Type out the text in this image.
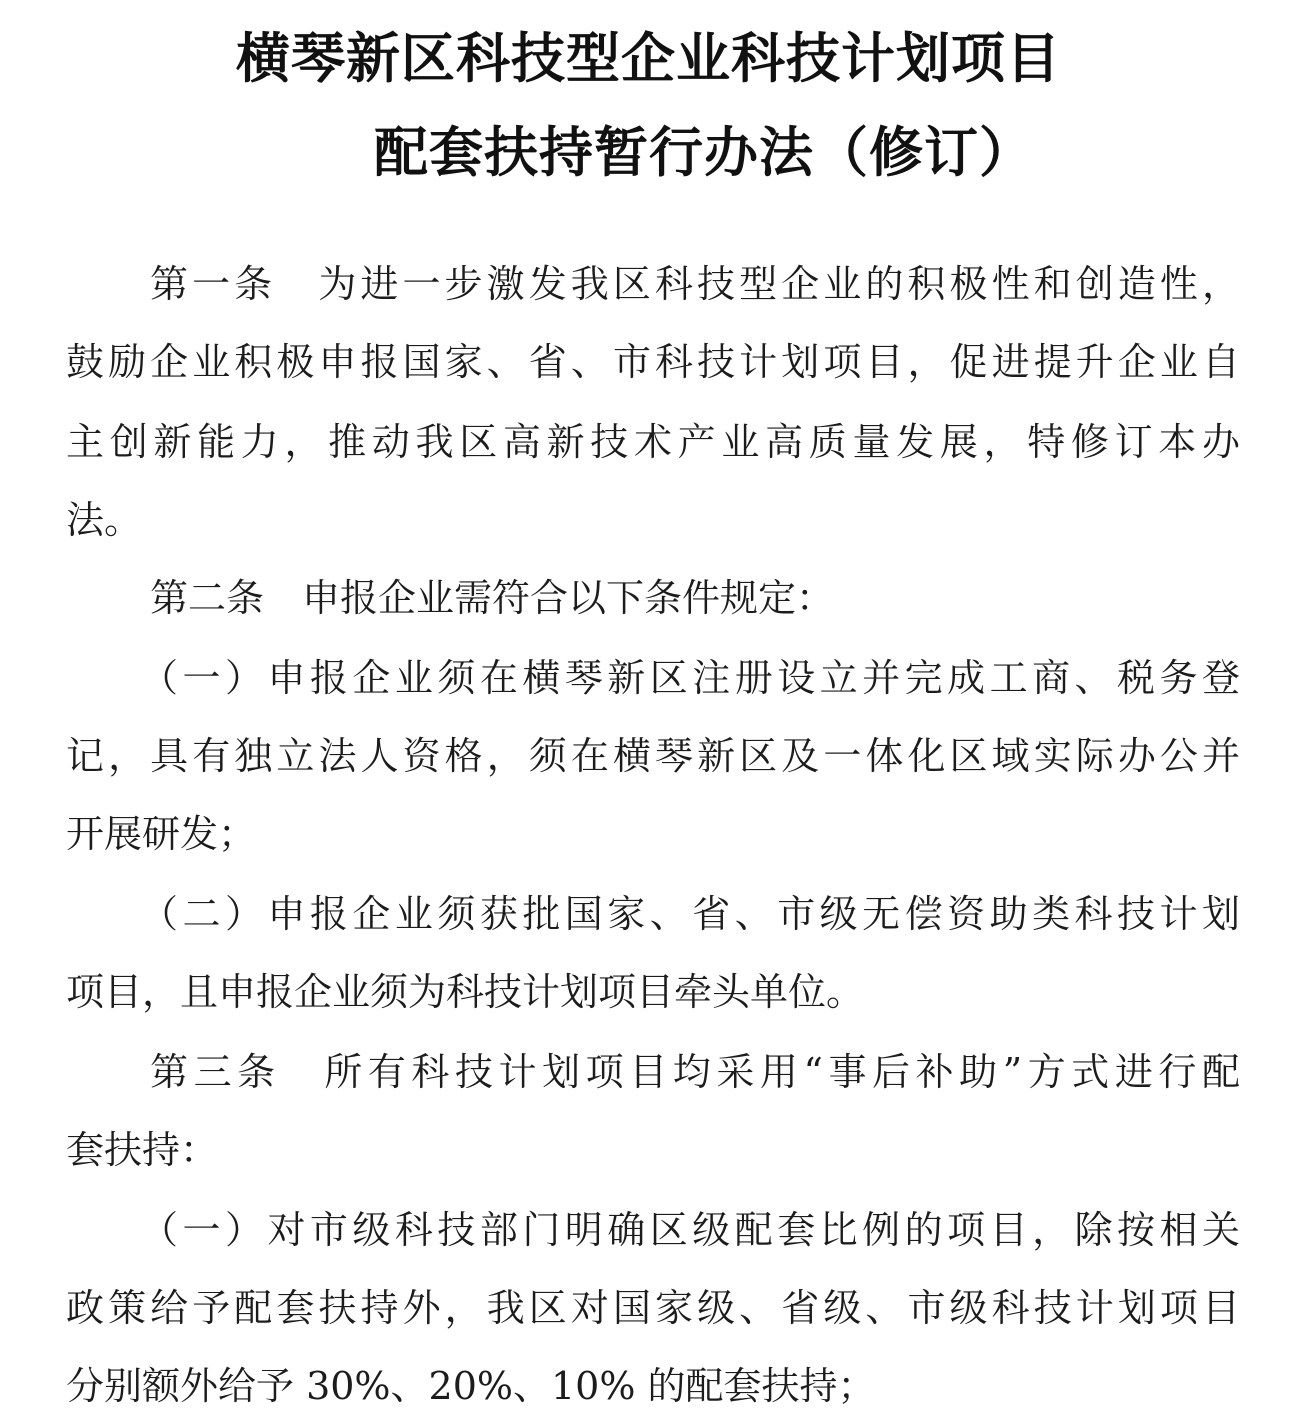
横琴新区科技型企业科技计划项目
配套扶持暂行办法（修订）
第一条　为进一步激发我区科技型企业的积极性和创造性，
鼓励企业积极申报国家、省、市科技计划项目，促进提升企业自
主创新能力，推动我区高新技术产业高质量发展，特修订本办
法。
第二条　申报企业需符合以下条件规定：
（一）申报企业须在横琴新区注册设立并完成工商、税务登
记，具有独立法人资格，须在横琴新区及一体化区域实际办公并
开展研发；
（二）申报企业须获批国家、省、市级无偿资助类科技计划
项目，且申报企业须为科技计划项目牵头单位。
第三条　所有科技计划项目均采用“事后补助”方式进行配
套扶持：
（一）对市级科技部门明确区级配套比例的项目，除按相关
政策给予配套扶持外，我区对国家级、省级、市级科技计划项目
分别额外给予 30%、20%、10% 的配套扶持；
